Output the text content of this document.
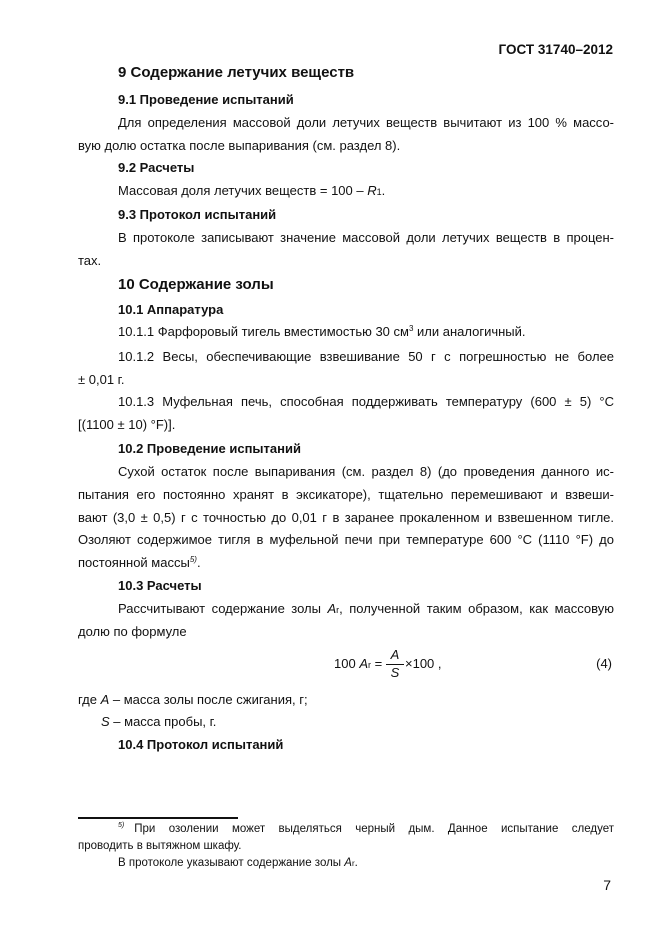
ГОСТ 31740–2012
9 Содержание летучих веществ
9.1 Проведение испытаний
Для определения массовой доли летучих веществ вычитают из 100 % массо-
вую долю остатка после выпаривания (см. раздел 8).
9.2 Расчеты
Массовая доля летучих веществ = 100 – R1.
9.3 Протокол испытаний
В протоколе записывают значение массовой доли летучих веществ в процен-
тах.
10 Содержание золы
10.1 Аппаратура
10.1.1 Фарфоровый тигель вместимостью 30 $см^3$ или аналогичный.
10.1.2 Весы, обеспечивающие взвешивание 50 г с погрешностью не более
± 0,01 г.
10.1.3 Муфельная печь, способная поддерживать температуру (600 ± 5) °C
[(1100 ± 10) °F)].
10.2 Проведение испытаний
Сухой остаток после выпаривания (см. раздел 8) (до проведения данного ис-
пытания его постоянно хранят в эксикаторе), тщательно перемешивают и взвеши-
вают (3,0 ± 0,5) г с точностью до 0,01 г в заранее прокаленном и взвешенном тигле.
Озоляют содержимое тигля в муфельной печи при температуре 600 °C (1110 °F) до
постоянной массы$^{5)}$.
10.3 Расчеты
Рассчитывают содержание золы Ar, полученной таким образом, как массовую
долю по формуле
100 Ar =
A
S
×100 ,	(4)
где A – масса золы после сжигания, г;
S – масса пробы, г.
10.4 Протокол испытаний
$^{5)}$ При озолении может выделяться черный дым. Данное испытание следует
проводить в вытяжном шкафу.
В протоколе указывают содержание золы Ar.
7
